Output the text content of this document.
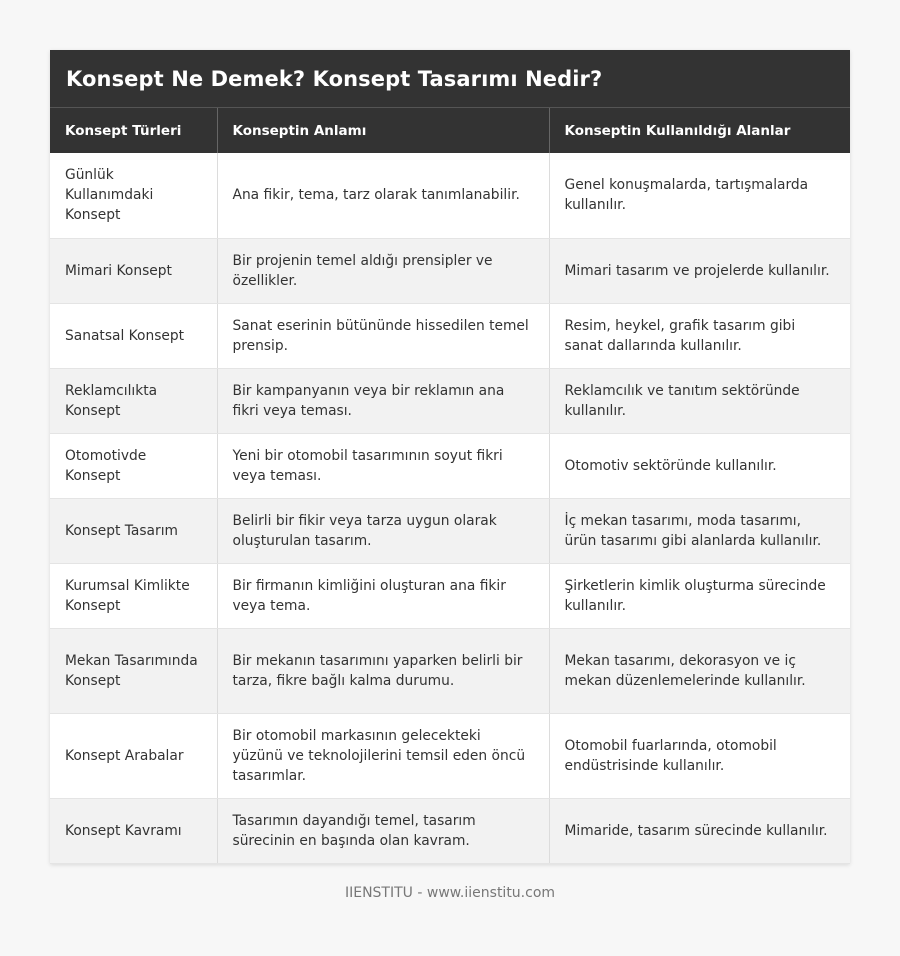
Konsept Ne Demek? Konsept Tasarımı Nedir?
Konsept Türleri	Konseptin Anlamı	Konseptin Kullanıldığı Alanlar
Günlük Kullanımdaki Konsept	Ana fikir, tema, tarz olarak tanımlanabilir.	Genel konuşmalarda, tartışmalarda kullanılır.
Mimari Konsept	Bir projenin temel aldığı prensipler ve özellikler.	Mimari tasarım ve projelerde kullanılır.
Sanatsal Konsept	Sanat eserinin bütününde hissedilen temel prensip.	Resim, heykel, grafik tasarım gibi sanat dallarında kullanılır.
Reklamcılıkta Konsept	Bir kampanyanın veya bir reklamın ana fikri veya teması.	Reklamcılık ve tanıtım sektöründe kullanılır.
Otomotivde Konsept	Yeni bir otomobil tasarımının soyut fikri veya teması.	Otomotiv sektöründe kullanılır.
Konsept Tasarım	Belirli bir fikir veya tarza uygun olarak oluşturulan tasarım.	İç mekan tasarımı, moda tasarımı, ürün tasarımı gibi alanlarda kullanılır.
Kurumsal Kimlikte Konsept	Bir firmanın kimliğini oluşturan ana fikir veya tema.	Şirketlerin kimlik oluşturma sürecinde kullanılır.
Mekan Tasarımında Konsept	Bir mekanın tasarımını yaparken belirli bir tarza, fikre bağlı kalma durumu.	Mekan tasarımı, dekorasyon ve iç mekan düzenlemelerinde kullanılır.
Konsept Arabalar	Bir otomobil markasının gelecekteki yüzünü ve teknolojilerini temsil eden öncü tasarımlar.	Otomobil fuarlarında, otomobil endüstrisinde kullanılır.
Konsept Kavramı	Tasarımın dayandığı temel, tasarım sürecinin en başında olan kavram.	Mimaride, tasarım sürecinde kullanılır.
IIENSTITU - www.iienstitu.com
